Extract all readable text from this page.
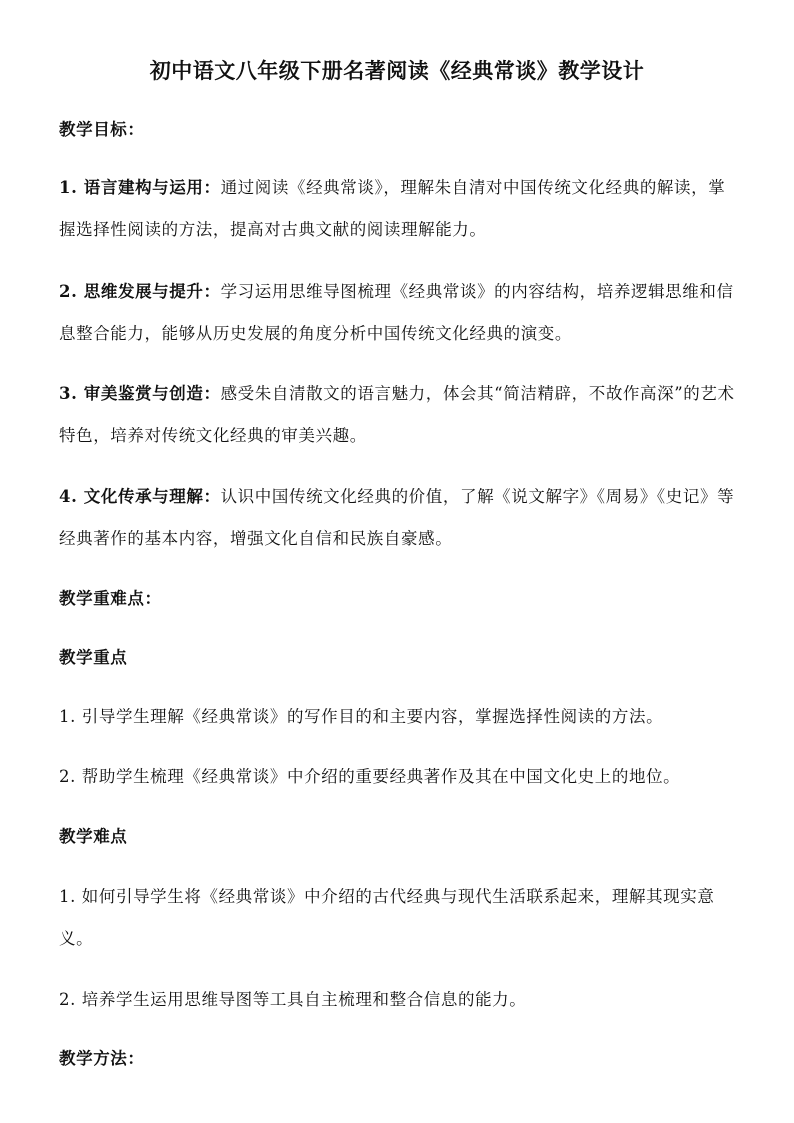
初中语文八年级下册名著阅读《经典常谈》教学设计
教学目标：
1. 语言建构与运用：通过阅读《经典常谈》，理解朱自清对中国传统文化经典的解读，掌握选择性阅读的方法，提高对古典文献的阅读理解能力。
2. 思维发展与提升：学习运用思维导图梳理《经典常谈》的内容结构，培养逻辑思维和信息整合能力，能够从历史发展的角度分析中国传统文化经典的演变。
3. 审美鉴赏与创造：感受朱自清散文的语言魅力，体会其“简洁精辟，不故作高深”的艺术特色，培养对传统文化经典的审美兴趣。
4. 文化传承与理解：认识中国传统文化经典的价值，了解《说文解字》《周易》《史记》等经典著作的基本内容，增强文化自信和民族自豪感。
教学重难点：
教学重点
1. 引导学生理解《经典常谈》的写作目的和主要内容，掌握选择性阅读的方法。
2. 帮助学生梳理《经典常谈》中介绍的重要经典著作及其在中国文化史上的地位。
教学难点
1. 如何引导学生将《经典常谈》中介绍的古代经典与现代生活联系起来，理解其现实意义。
2. 培养学生运用思维导图等工具自主梳理和整合信息的能力。
教学方法：
